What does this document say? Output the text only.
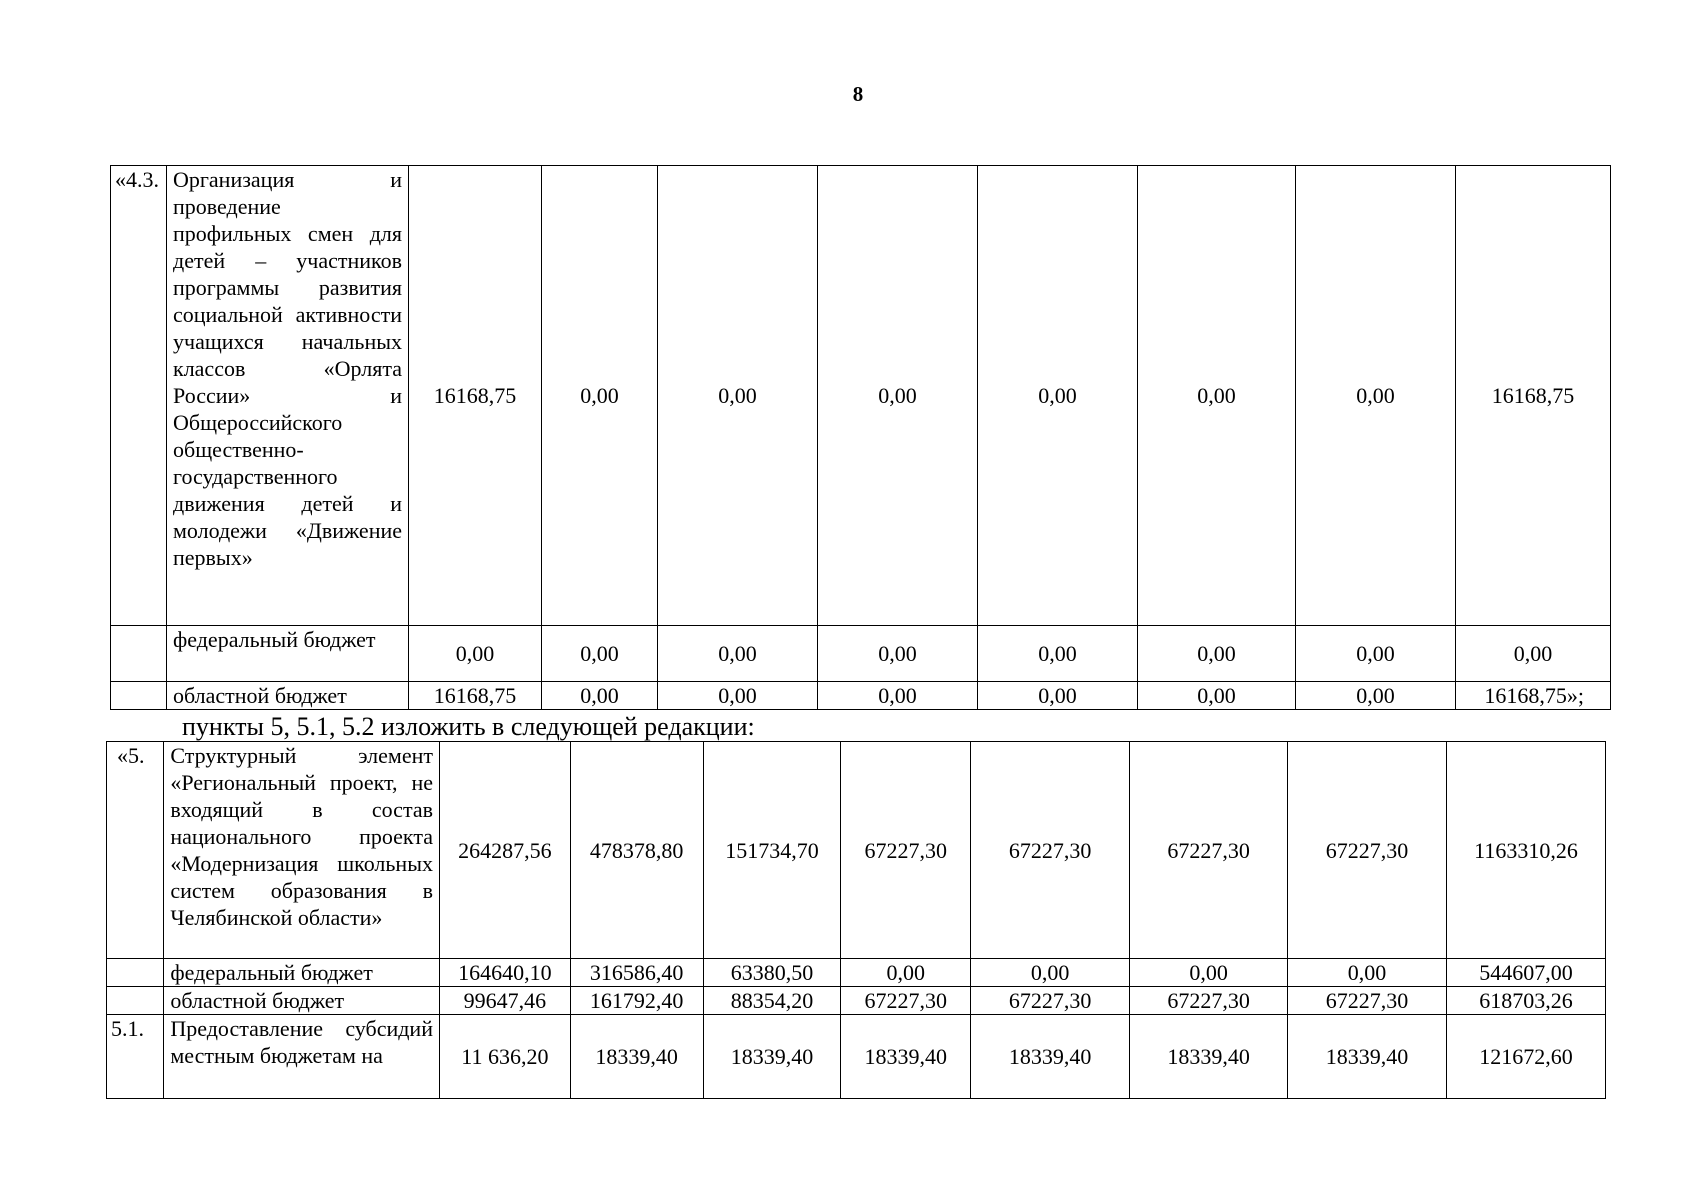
8
«4.3.	Организация и проведение профильных смен для детей – участников программы развития социальной активности учащихся начальных классов «Орлята России» и Общероссийского общественно-государственного движения детей и молодежи «Движение первых»	16168,75	0,00	0,00	0,00	0,00	0,00	0,00	16168,75

	федеральный бюджет	0,00	0,00	0,00	0,00	0,00	0,00	0,00	0,00

	областной бюджет	16168,75	0,00	0,00	0,00	0,00	0,00	0,00	16168,75»;
пункты 5, 5.1, 5.2 изложить в следующей редакции:
«5.	Структурный элемент «Региональный проект, не входящий в состав национального проекта «Модернизация школьных систем образования в Челябинской области»	264287,56	478378,80	151734,70	67227,30	67227,30	67227,30	67227,30	1163310,26

	федеральный бюджет	164640,10	316586,40	63380,50	0,00	0,00	0,00	0,00	544607,00

	областной бюджет	99647,46	161792,40	88354,20	67227,30	67227,30	67227,30	67227,30	618703,26
5.1.	Предоставление субсидий местным бюджетам на	11 636,20	18339,40	18339,40	18339,40	18339,40	18339,40	18339,40	121672,60
